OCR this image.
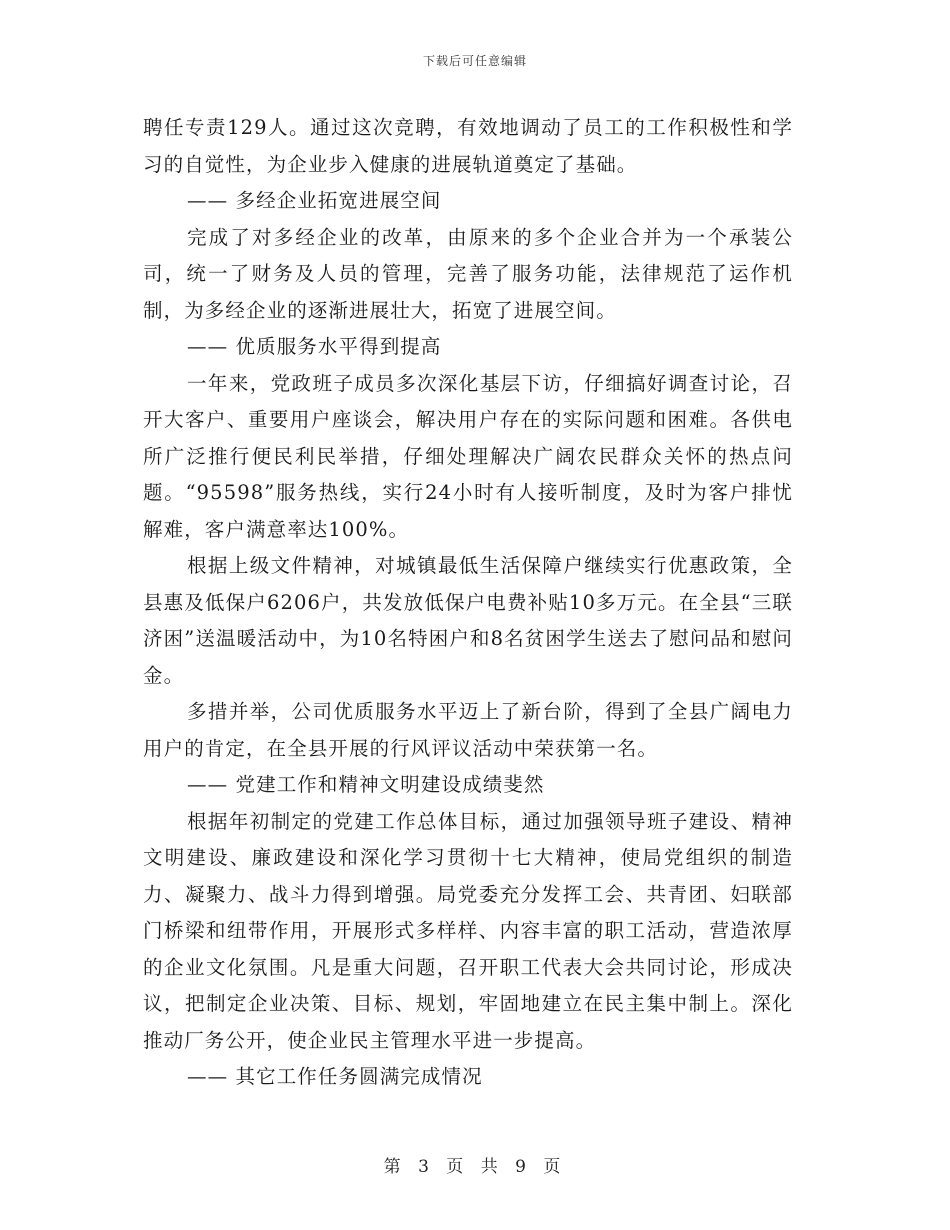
下载后可任意编辑

聘任专责129人。通过这次竞聘，有效地调动了员工的工作积极性和学习的自觉性，为企业步入健康的进展轨道奠定了基础。

—— 多经企业拓宽进展空间

完成了对多经企业的改革，由原来的多个企业合并为一个承装公司，统一了财务及人员的管理，完善了服务功能，法律规范了运作机制，为多经企业的逐渐进展壮大，拓宽了进展空间。

—— 优质服务水平得到提高

一年来，党政班子成员多次深化基层下访，仔细搞好调查讨论，召开大客户、重要用户座谈会，解决用户存在的实际问题和困难。各供电所广泛推行便民利民举措，仔细处理解决广阔农民群众关怀的热点问题。“95598”服务热线，实行24小时有人接听制度，及时为客户排忧解难，客户满意率达100%。

根据上级文件精神，对城镇最低生活保障户继续实行优惠政策，全县惠及低保户6206户，共发放低保户电费补贴10多万元。在全县“三联济困”送温暖活动中，为10名特困户和8名贫困学生送去了慰问品和慰问金。

多措并举，公司优质服务水平迈上了新台阶，得到了全县广阔电力用户的肯定，在全县开展的行风评议活动中荣获第一名。

—— 党建工作和精神文明建设成绩斐然

根据年初制定的党建工作总体目标，通过加强领导班子建设、精神文明建设、廉政建设和深化学习贯彻十七大精神，使局党组织的制造力、凝聚力、战斗力得到增强。局党委充分发挥工会、共青团、妇联部门桥梁和纽带作用，开展形式多样样、内容丰富的职工活动，营造浓厚的企业文化氛围。凡是重大问题，召开职工代表大会共同讨论，形成决议，把制定企业决策、目标、规划，牢固地建立在民主集中制上。深化推动厂务公开，使企业民主管理水平进一步提高。

—— 其它工作任务圆满完成情况

第 3 页 共 9 页
